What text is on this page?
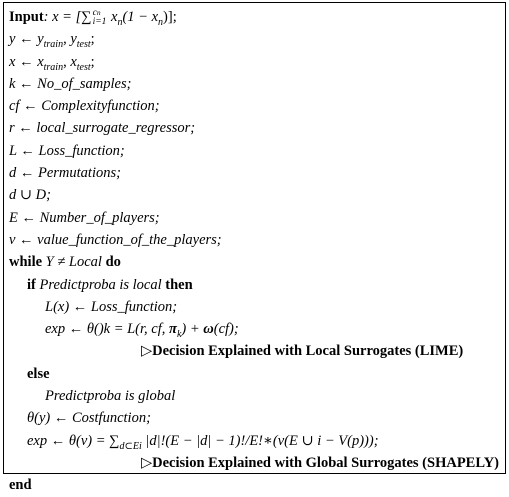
Input: x = [∑ cn
i=1 $x_n(1 - x_n)$];
y ← $y_{train}$, $y_{test}$;
x ← $x_{train}$, $x_{test}$;
k ← No_of_samples;
cf ← Complexityfunction;
r ← local_surrogate_regressor;
L ← Loss_function;
d ← Permutations;
d ∪ D;
E ← Number_of_players;
v ← value_function_of_the_players;
while Y ≠ Local do
if Predictproba is local then
L(x) ← Loss_function;
exp ← θ()k = L(r, cf, $\pi_k) + \omega(cf)$;
▷Decision Explained with Local Surrogates (LIME)
else
Predictproba is global
θ(y) ← Costfunction;
exp ← $\theta(v) = \sum_{d\subset Ei}$ |d|!(E − |d| − 1)!/E!∗(v(E ∪ i − V(p)));
▷Decision Explained with Global Surrogates (SHAPELY)
end
